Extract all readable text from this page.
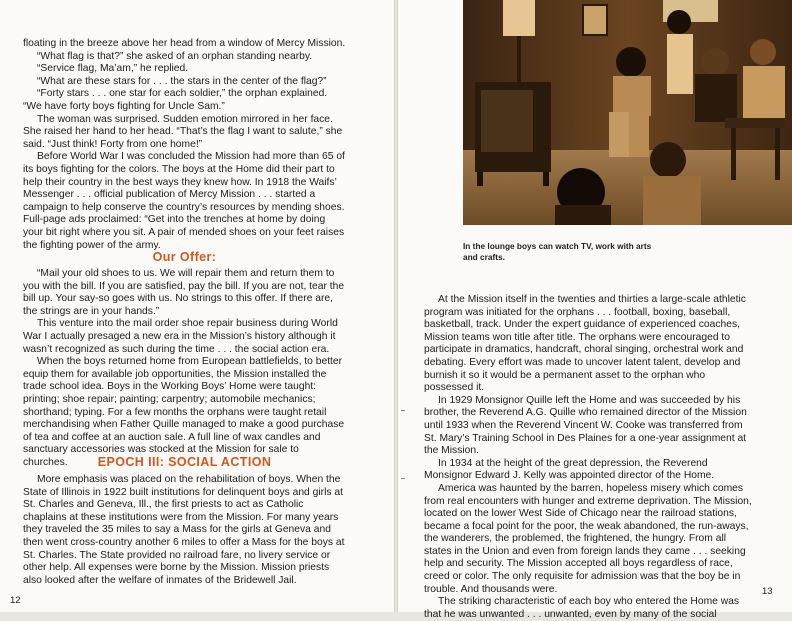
floating in the breeze above her head from a window of Mercy Mission.

“What flag is that?” she asked of an orphan standing nearby.

“Service flag, Ma’am,” he replied.

“What are these stars for . . . the stars in the center of the flag?”

“Forty stars . . . one star for each soldier,” the orphan explained. “We have forty boys fighting for Uncle Sam.”

The woman was surprised. Sudden emotion mirrored in her face. She raised her hand to her head. “That’s the flag I want to salute,” she said. “Just think! Forty from one home!”

Before World War I was concluded the Mission had more than 65 of its boys fighting for the colors. The boys at the Home did their part to help their country in the best ways they knew how. In 1918 the Waifs’ Messenger . . . official publication of Mercy Mission . . . started a campaign to help conserve the country’s resources by mending shoes. Full-page ads proclaimed: “Get into the trenches at home by doing your bit right where you sit. A pair of mended shoes on your feet raises the fighting power of the army.

Our Offer:

“Mail your old shoes to us. We will repair them and return them to you with the bill. If you are satisfied, pay the bill. If you are not, tear the bill up. Your say-so goes with us. No strings to this offer. If there are, the strings are in your hands.”

This venture into the mail order shoe repair business during World War I actually presaged a new era in the Mission’s history although it wasn’t recognized as such during the time . . . the social action era.

When the boys returned home from European battlefields, to better equip them for available job opportunities, the Mission installed the trade school idea. Boys in the Working Boys’ Home were taught: printing; shoe repair; painting; carpentry; automobile mechanics; shorthand; typing. For a few months the orphans were taught retail merchandising when Father Quille managed to make a good purchase of tea and coffee at an auction sale. A full line of wax candles and sanctuary accessories was stocked at the Mission for sale to churches.	EPOCH III: SOCIAL ACTION

More emphasis was placed on the rehabilitation of boys. When the State of Illinois in 1922 built institutions for delinquent boys and girls at St. Charles and Geneva, Ill., the first priests to act as Catholic chaplains at these institutions were from the Mission. For many years they traveled the 35 miles to say a Mass for the girls at Geneva and then went cross-country another 6 miles to offer a Mass for the boys at St. Charles. The State provided no railroad fare, no livery service or other help. All expenses were borne by the Mission. Mission priests also looked after the welfare of inmates of the Bridewell Jail.

12
In the lounge boys can watch TV, work with arts and crafts.

At the Mission itself in the twenties and thirties a large-scale athletic program was initiated for the orphans . . . football, boxing, baseball, basketball, track. Under the expert guidance of experienced coaches, Mission teams won title after title. The orphans were encouraged to participate in dramatics, handcraft, choral singing, orchestral work and debating. Every effort was made to uncover latent talent, develop and burnish it so it would be a permanent asset to the orphan who possessed it.

In 1929 Monsignor Quille left the Home and was succeeded by his brother, the Reverend A.G. Quille who remained director of the Mission until 1933 when the Reverend Vincent W. Cooke was transferred from St. Mary’s Training School in Des Plaines for a one-year assignment at the Mission.

In 1934 at the height of the great depression, the Reverend Monsignor Edward J. Kelly was appointed director of the Home.

America was haunted by the barren, hopeless misery which comes from real encounters with hunger and extreme deprivation. The Mission, located on the lower West Side of Chicago near the railroad stations, became a focal point for the poor, the weak abandoned, the run-aways, the wanderers, the problemed, the frightened, the hungry. From all states in the Union and even from foreign lands they came . . . seeking help and security. The Mission accepted all boys regardless of race, creed or color. The only requisite for admission was that the boy be in trouble. And thousands were.

The striking characteristic of each boy who entered the Home was that he was unwanted . . . unwanted, even by many of the social

13
